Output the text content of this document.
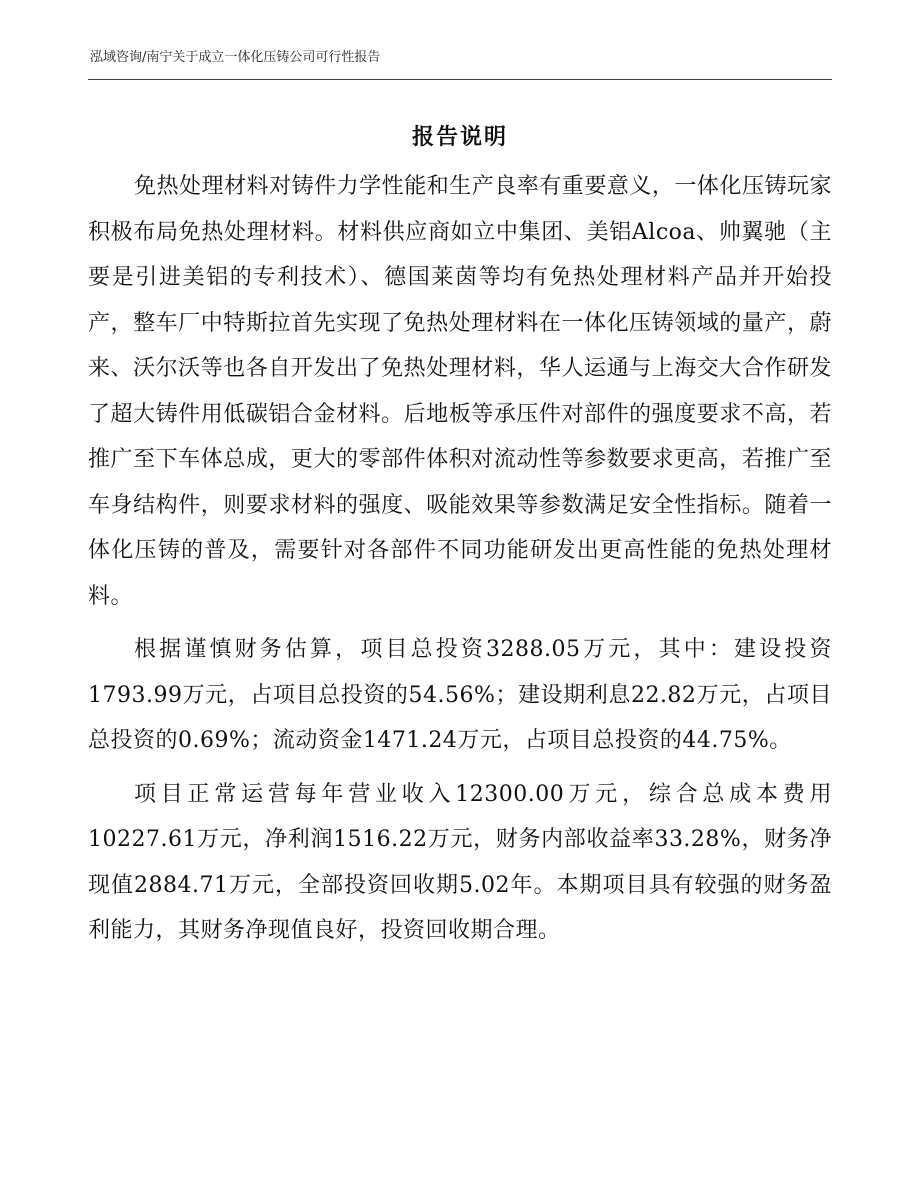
泓域咨询/南宁关于成立一体化压铸公司可行性报告
报告说明

免热处理材料对铸件力学性能和生产良率有重要意义，一体化压铸玩家积极布局免热处理材料。材料供应商如立中集团、美铝Alcoa、帅翼驰（主要是引进美铝的专利技术）、德国莱茵等均有免热处理材料产品并开始投产，整车厂中特斯拉首先实现了免热处理材料在一体化压铸领域的量产，蔚来、沃尔沃等也各自开发出了免热处理材料，华人运通与上海交大合作研发了超大铸件用低碳铝合金材料。后地板等承压件对部件的强度要求不高，若推广至下车体总成，更大的零部件体积对流动性等参数要求更高，若推广至车身结构件，则要求材料的强度、吸能效果等参数满足安全性指标。随着一体化压铸的普及，需要针对各部件不同功能研发出更高性能的免热处理材料。

根据谨慎财务估算，项目总投资3288.05万元，其中：建设投资1793.99万元，占项目总投资的54.56%；建设期利息22.82万元，占项目总投资的0.69%；流动资金1471.24万元，占项目总投资的44.75%。

项目正常运营每年营业收入12300.00万元，综合总成本费用10227.61万元，净利润1516.22万元，财务内部收益率33.28%，财务净现值2884.71万元，全部投资回收期5.02年。本期项目具有较强的财务盈利能力，其财务净现值良好，投资回收期合理。
